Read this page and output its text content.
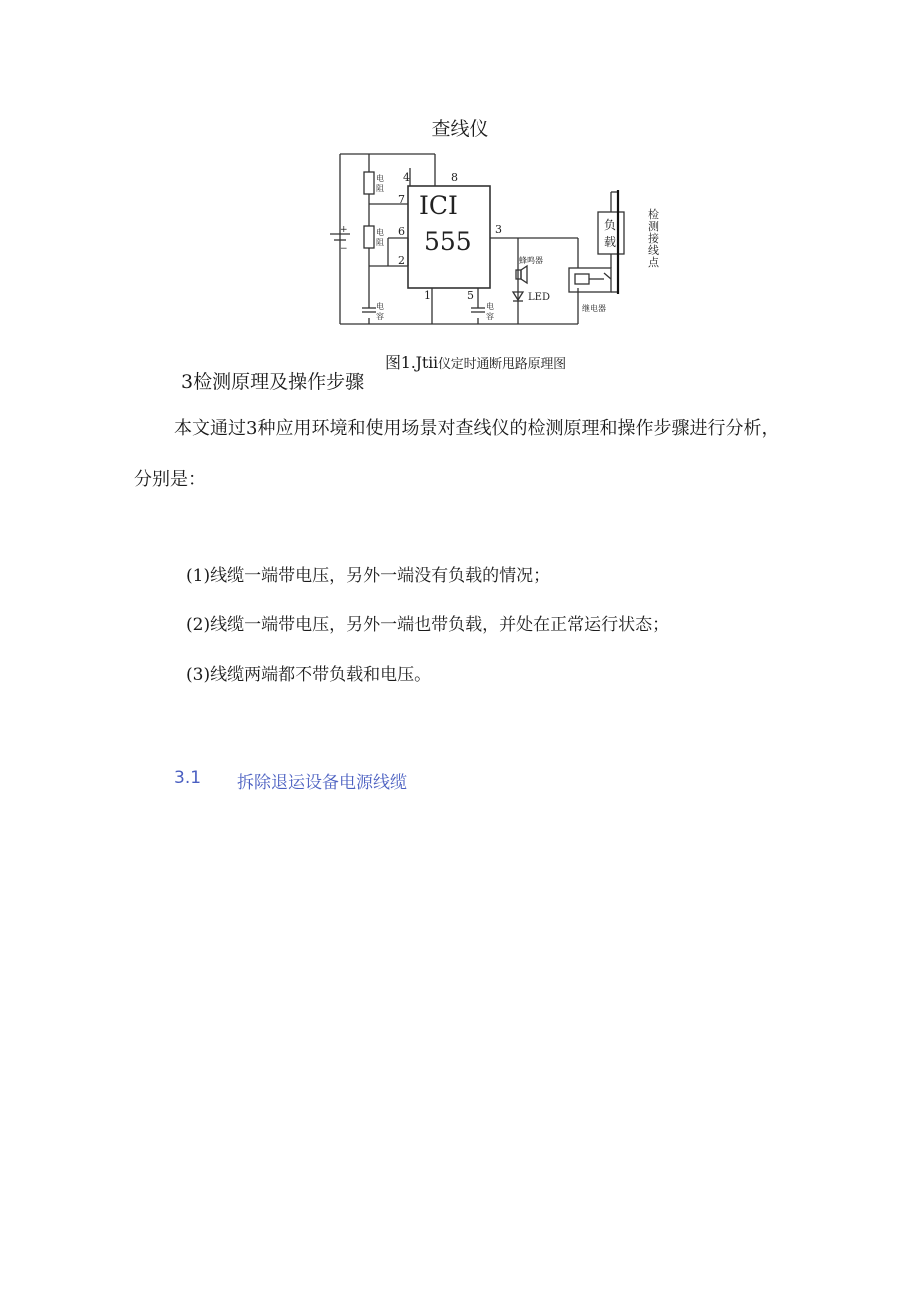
查线仪
ICI
555
4	8
7
6
2
3
1	5
电
阻
电
阻
电
容
电
容
+
−
蜂鸣器
LED
继电器
负
载
检
测
接
线
点
图1.Jtii仪定时通断甩路原理图
3检测原理及操作步骤
本文通过3种应用环境和使用场景对查线仪的检测原理和操作步骤进行分析，
分别是：
(1)线缆一端带电压，另外一端没有负载的情况；
(2)线缆一端带电压，另外一端也带负载，并处在正常运行状态；
(3)线缆两端都不带负载和电压。
3.1 拆除退运设备电源线缆
